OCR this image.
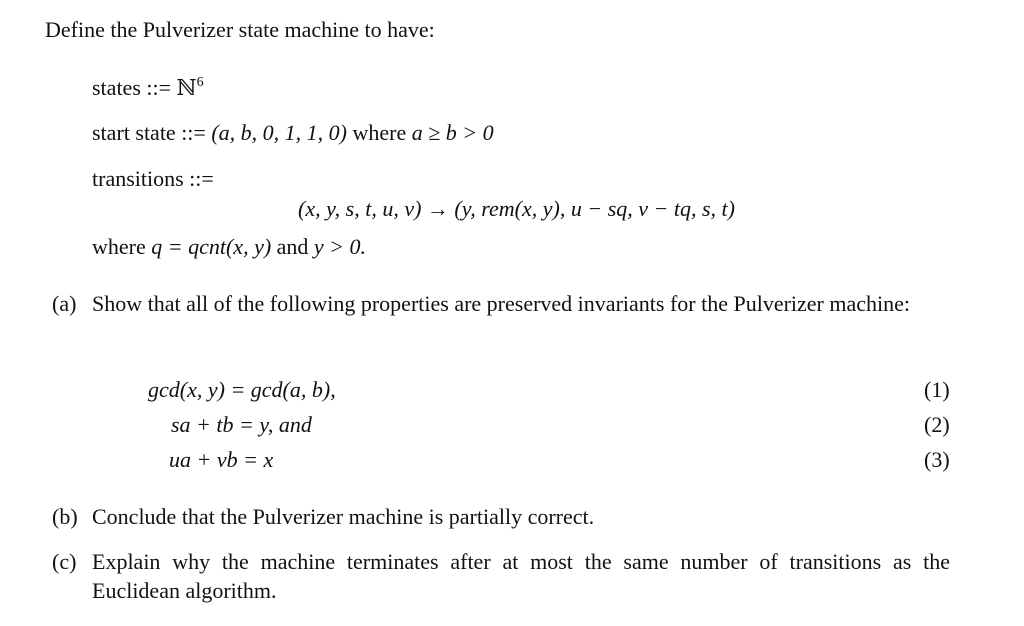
Define the Pulverizer state machine to have:
states ::= ℕ$^6$
start state ::= (a, b, 0, 1, 1, 0) where a ≥ b > 0
transitions ::=
(x, y, s, t, u, v) → (y, rem(x, y), u − sq, v − tq, s, t)
where q = qcnt(x, y) and y > 0.
(a) Show that all of the following properties are preserved invariants for the Pulverizer machine:
gcd(x, y) = gcd(a, b),	(1)
sa + tb = y, and	(2)
ua + vb = x	(3)
(b) Conclude that the Pulverizer machine is partially correct.
(c) Explain why the machine terminates after at most the same number of transitions as the Euclidean algorithm.
